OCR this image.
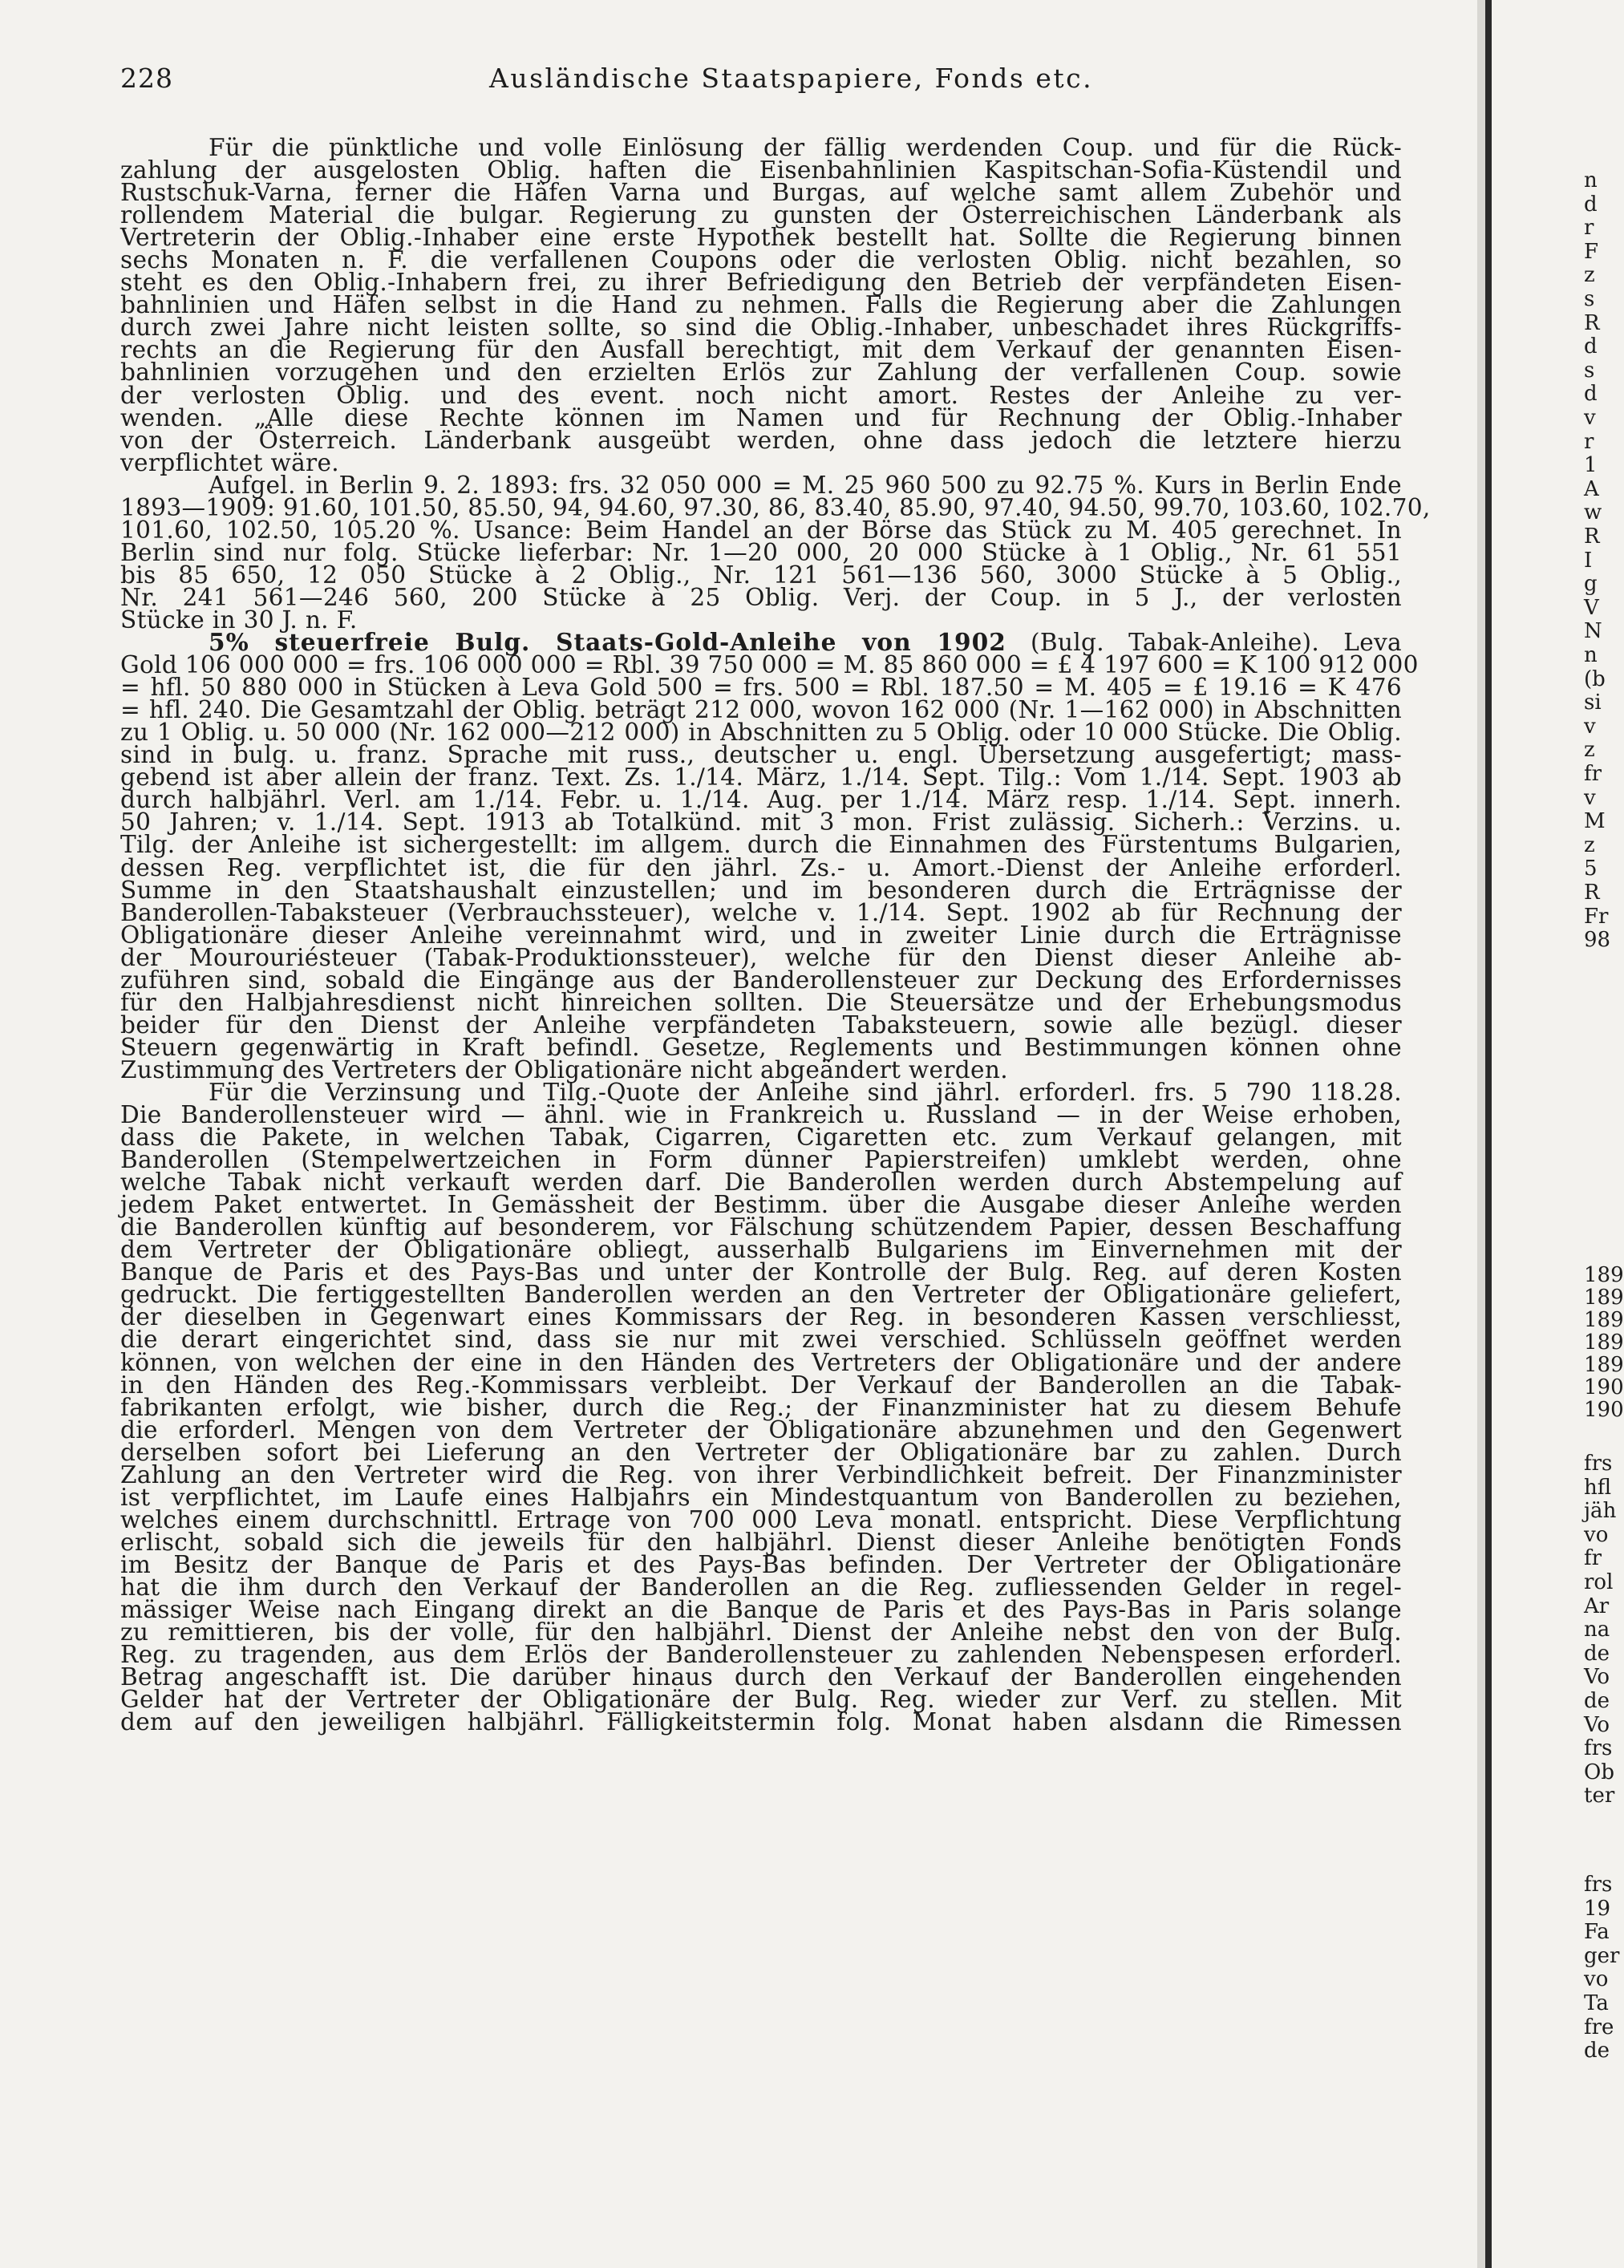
228	Ausländische Staatspapiere, Fonds etc.
Für die pünktliche und volle Einlösung der fällig werdenden Coup. und für die Rück-
zahlung der ausgelosten Oblig. haften die Eisenbahnlinien Kaspitschan-Sofia-Küstendil und
Rustschuk-Varna, ferner die Häfen Varna und Burgas, auf welche samt allem Zubehör und
rollendem Material die bulgar. Regierung zu gunsten der Österreichischen Länderbank als
Vertreterin der Oblig.-Inhaber eine erste Hypothek bestellt hat. Sollte die Regierung binnen
sechs Monaten n. F. die verfallenen Coupons oder die verlosten Oblig. nicht bezahlen, so
steht es den Oblig.-Inhabern frei, zu ihrer Befriedigung den Betrieb der verpfändeten Eisen-
bahnlinien und Häfen selbst in die Hand zu nehmen. Falls die Regierung aber die Zahlungen
durch zwei Jahre nicht leisten sollte, so sind die Oblig.-Inhaber, unbeschadet ihres Rückgriffs-
rechts an die Regierung für den Ausfall berechtigt, mit dem Verkauf der genannten Eisen-
bahnlinien vorzugehen und den erzielten Erlös zur Zahlung der verfallenen Coup. sowie
der verlosten Oblig. und des event. noch nicht amort. Restes der Anleihe zu ver-
wenden. „Alle diese Rechte können im Namen und für Rechnung der Oblig.-Inhaber
von der Österreich. Länderbank ausgeübt werden, ohne dass jedoch die letztere hierzu
verpflichtet wäre.
Aufgel. in Berlin 9. 2. 1893: frs. 32 050 000 = M. 25 960 500 zu 92.75 %. Kurs in Berlin Ende
1893—1909: 91.60, 101.50, 85.50, 94, 94.60, 97.30, 86, 83.40, 85.90, 97.40, 94.50, 99.70, 103.60, 102.70,
101.60, 102.50, 105.20 %. Usance: Beim Handel an der Börse das Stück zu M. 405 gerechnet. In
Berlin sind nur folg. Stücke lieferbar: Nr. 1—20 000, 20 000 Stücke à 1 Oblig., Nr. 61 551
bis 85 650, 12 050 Stücke à 2 Oblig., Nr. 121 561—136 560, 3000 Stücke à 5 Oblig.,
Nr. 241 561—246 560, 200 Stücke à 25 Oblig. Verj. der Coup. in 5 J., der verlosten
Stücke in 30 J. n. F.
5% steuerfreie Bulg. Staats-Gold-Anleihe von 1902 (Bulg. Tabak-Anleihe). Leva
Gold 106 000 000 = frs. 106 000 000 = Rbl. 39 750 000 = M. 85 860 000 = £ 4 197 600 = K 100 912 000
= hfl. 50 880 000 in Stücken à Leva Gold 500 = frs. 500 = Rbl. 187.50 = M. 405 = £ 19.16 = K 476
= hfl. 240. Die Gesamtzahl der Oblig. beträgt 212 000, wovon 162 000 (Nr. 1—162 000) in Abschnitten
zu 1 Oblig. u. 50 000 (Nr. 162 000—212 000) in Abschnitten zu 5 Oblig. oder 10 000 Stücke. Die Oblig.
sind in bulg. u. franz. Sprache mit russ., deutscher u. engl. Übersetzung ausgefertigt; mass-
gebend ist aber allein der franz. Text. Zs. 1./14. März, 1./14. Sept. Tilg.: Vom 1./14. Sept. 1903 ab
durch halbjährl. Verl. am 1./14. Febr. u. 1./14. Aug. per 1./14. März resp. 1./14. Sept. innerh.
50 Jahren; v. 1./14. Sept. 1913 ab Totalkünd. mit 3 mon. Frist zulässig. Sicherh.: Verzins. u.
Tilg. der Anleihe ist sichergestellt: im allgem. durch die Einnahmen des Fürstentums Bulgarien,
dessen Reg. verpflichtet ist, die für den jährl. Zs.- u. Amort.-Dienst der Anleihe erforderl.
Summe in den Staatshaushalt einzustellen; und im besonderen durch die Erträgnisse der
Banderollen-Tabaksteuer (Verbrauchssteuer), welche v. 1./14. Sept. 1902 ab für Rechnung der
Obligationäre dieser Anleihe vereinnahmt wird, und in zweiter Linie durch die Erträgnisse
der Mourouriésteuer (Tabak-Produktionssteuer), welche für den Dienst dieser Anleihe ab-
zuführen sind, sobald die Eingänge aus der Banderollensteuer zur Deckung des Erfordernisses
für den Halbjahresdienst nicht hinreichen sollten. Die Steuersätze und der Erhebungsmodus
beider für den Dienst der Anleihe verpfändeten Tabaksteuern, sowie alle bezügl. dieser
Steuern gegenwärtig in Kraft befindl. Gesetze, Reglements und Bestimmungen können ohne
Zustimmung des Vertreters der Obligationäre nicht abgeändert werden.
Für die Verzinsung und Tilg.-Quote der Anleihe sind jährl. erforderl. frs. 5 790 118.28.
Die Banderollensteuer wird — ähnl. wie in Frankreich u. Russland — in der Weise erhoben,
dass die Pakete, in welchen Tabak, Cigarren, Cigaretten etc. zum Verkauf gelangen, mit
Banderollen (Stempelwertzeichen in Form dünner Papierstreifen) umklebt werden, ohne
welche Tabak nicht verkauft werden darf. Die Banderollen werden durch Abstempelung auf
jedem Paket entwertet. In Gemässheit der Bestimm. über die Ausgabe dieser Anleihe werden
die Banderollen künftig auf besonderem, vor Fälschung schützendem Papier, dessen Beschaffung
dem Vertreter der Obligationäre obliegt, ausserhalb Bulgariens im Einvernehmen mit der
Banque de Paris et des Pays-Bas und unter der Kontrolle der Bulg. Reg. auf deren Kosten
gedruckt. Die fertiggestellten Banderollen werden an den Vertreter der Obligationäre geliefert,
der dieselben in Gegenwart eines Kommissars der Reg. in besonderen Kassen verschliesst,
die derart eingerichtet sind, dass sie nur mit zwei verschied. Schlüsseln geöffnet werden
können, von welchen der eine in den Händen des Vertreters der Obligationäre und der andere
in den Händen des Reg.-Kommissars verbleibt. Der Verkauf der Banderollen an die Tabak-
fabrikanten erfolgt, wie bisher, durch die Reg.; der Finanzminister hat zu diesem Behufe
die erforderl. Mengen von dem Vertreter der Obligationäre abzunehmen und den Gegenwert
derselben sofort bei Lieferung an den Vertreter der Obligationäre bar zu zahlen. Durch
Zahlung an den Vertreter wird die Reg. von ihrer Verbindlichkeit befreit. Der Finanzminister
ist verpflichtet, im Laufe eines Halbjahrs ein Mindestquantum von Banderollen zu beziehen,
welches einem durchschnittl. Ertrage von 700 000 Leva monatl. entspricht. Diese Verpflichtung
erlischt, sobald sich die jeweils für den halbjährl. Dienst dieser Anleihe benötigten Fonds
im Besitz der Banque de Paris et des Pays-Bas befinden. Der Vertreter der Obligationäre
hat die ihm durch den Verkauf der Banderollen an die Reg. zufliessenden Gelder in regel-
mässiger Weise nach Eingang direkt an die Banque de Paris et des Pays-Bas in Paris solange
zu remittieren, bis der volle, für den halbjährl. Dienst der Anleihe nebst den von der Bulg.
Reg. zu tragenden, aus dem Erlös der Banderollensteuer zu zahlenden Nebenspesen erforderl.
Betrag angeschafft ist. Die darüber hinaus durch den Verkauf der Banderollen eingehenden
Gelder hat der Vertreter der Obligationäre der Bulg. Reg. wieder zur Verf. zu stellen. Mit
dem auf den jeweiligen halbjährl. Fälligkeitstermin folg. Monat haben alsdann die Rimessen
n
d
r
F
z
s
R
d
s
d
v
r
1
A
w
R
I
g
V
N
n
(b
si
v
z
fr
v
M
z
5
R
Fr
98
189
189
189
189
189
190
190
frs
hfl
jäh
vo
fr
rol
Ar
na
de
Vo
de
Vo
frs
Ob
ter
frs
19
Fa
ger
vo
Ta
fre
de
